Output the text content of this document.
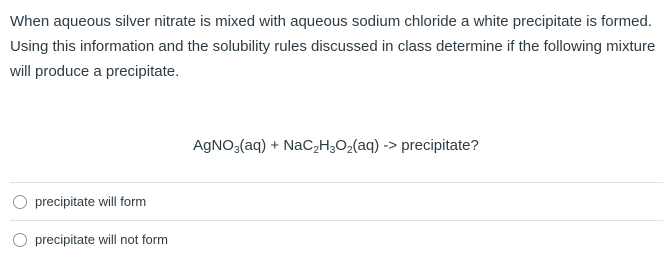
When aqueous silver nitrate is mixed with aqueous sodium chloride a white precipitate is formed. Using this information and the solubility rules discussed in class determine if the following mixture will produce a precipitate.
AgNO$_3$(aq) + $NaC_2H_3O_2(aq)$ -> precipitate?
precipitate will form
precipitate will not form
